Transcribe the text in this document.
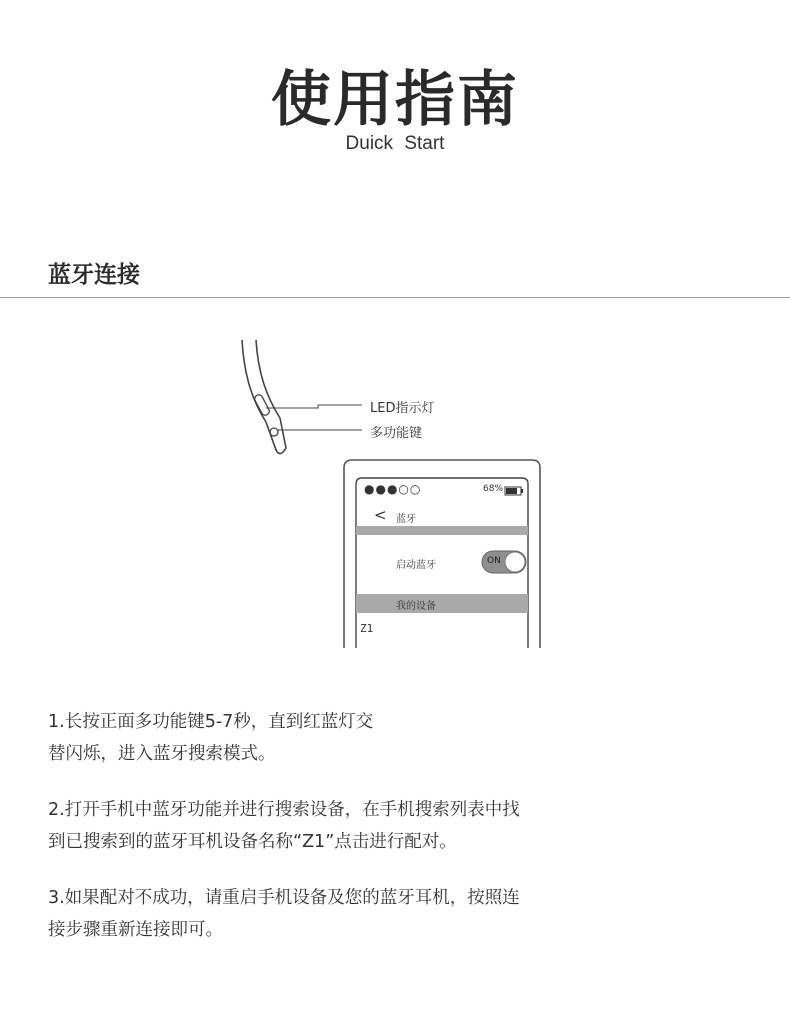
使用指南
Duick Start
蓝牙连接
LED指示灯
多功能键
●●●○○	68%
< 蓝牙
启动蓝牙	ON
我的设备
Z1
1.长按正面多功能键5-7秒，直到红蓝灯交
替闪烁，进入蓝牙搜索模式。
2.打开手机中蓝牙功能并进行搜索设备，在手机搜索列表中找
到已搜索到的蓝牙耳机设备名称“Z1”点击进行配对。
3.如果配对不成功，请重启手机设备及您的蓝牙耳机，按照连
接步骤重新连接即可。
